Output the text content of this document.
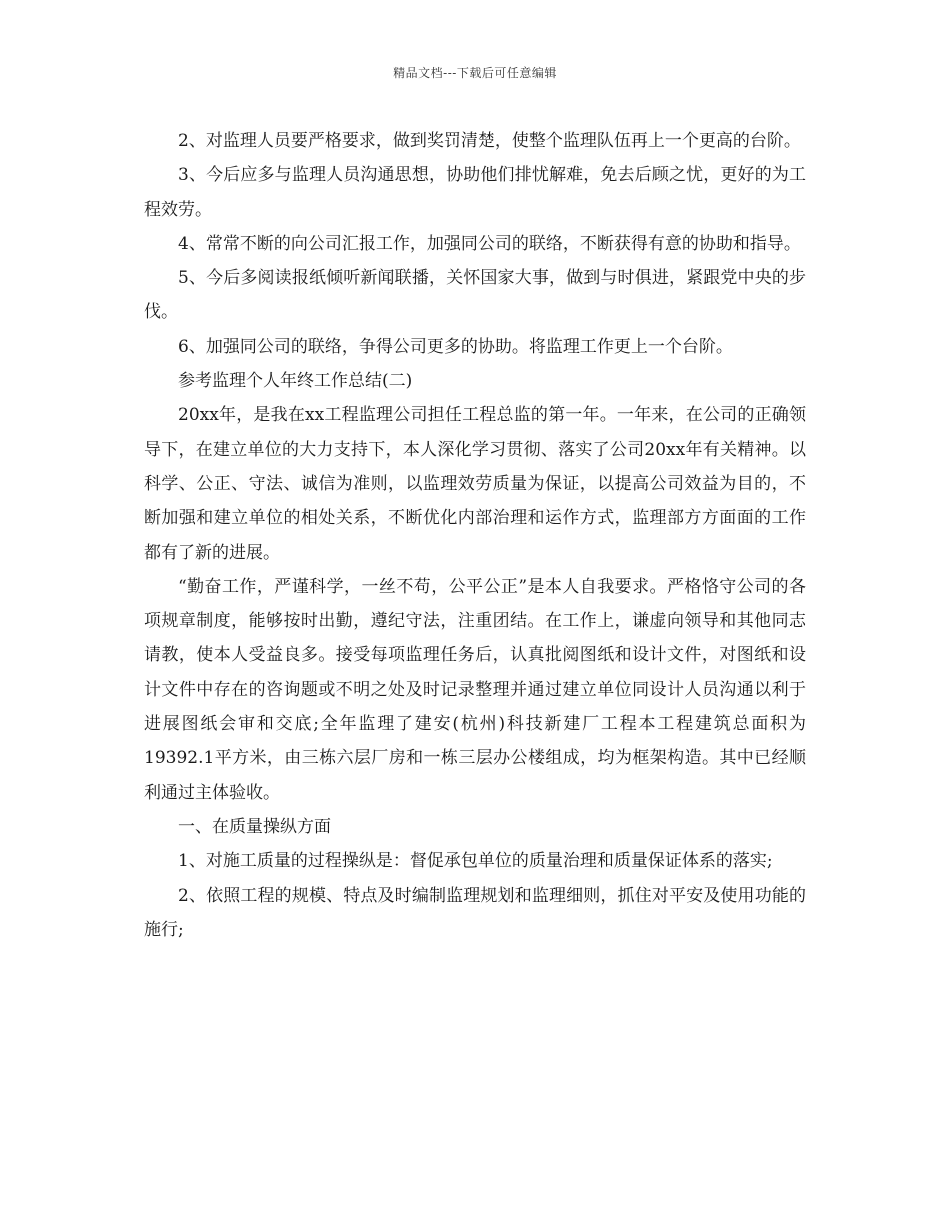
精品文档---下载后可任意编辑

2、对监理人员要严格要求，做到奖罚清楚，使整个监理队伍再上一个更高的台阶。

3、今后应多与监理人员沟通思想，协助他们排忧解难，免去后顾之忧，更好的为工程效劳。

4、常常不断的向公司汇报工作，加强同公司的联络，不断获得有意的协助和指导。

5、今后多阅读报纸倾听新闻联播，关怀国家大事，做到与时俱进，紧跟党中央的步伐。

6、加强同公司的联络，争得公司更多的协助。将监理工作更上一个台阶。

参考监理个人年终工作总结(二)

20xx年，是我在xx工程监理公司担任工程总监的第一年。一年来，在公司的正确领导下，在建立单位的大力支持下，本人深化学习贯彻、落实了公司20xx年有关精神。以科学、公正、守法、诚信为准则，以监理效劳质量为保证，以提高公司效益为目的，不断加强和建立单位的相处关系，不断优化内部治理和运作方式，监理部方方面面的工作都有了新的进展。

“勤奋工作，严谨科学，一丝不苟，公平公正”是本人自我要求。严格恪守公司的各项规章制度，能够按时出勤，遵纪守法，注重团结。在工作上，谦虚向领导和其他同志请教，使本人受益良多。接受每项监理任务后，认真批阅图纸和设计文件，对图纸和设计文件中存在的咨询题或不明之处及时记录整理并通过建立单位同设计人员沟通以利于进展图纸会审和交底;全年监理了建安(杭州)科技新建厂工程本工程建筑总面积为19392.1平方米，由三栋六层厂房和一栋三层办公楼组成，均为框架构造。其中已经顺利通过主体验收。

一、在质量操纵方面

1、对施工质量的过程操纵是：督促承包单位的质量治理和质量保证体系的落实;

2、依照工程的规模、特点及时编制监理规划和监理细则，抓住对平安及使用功能的施行;
